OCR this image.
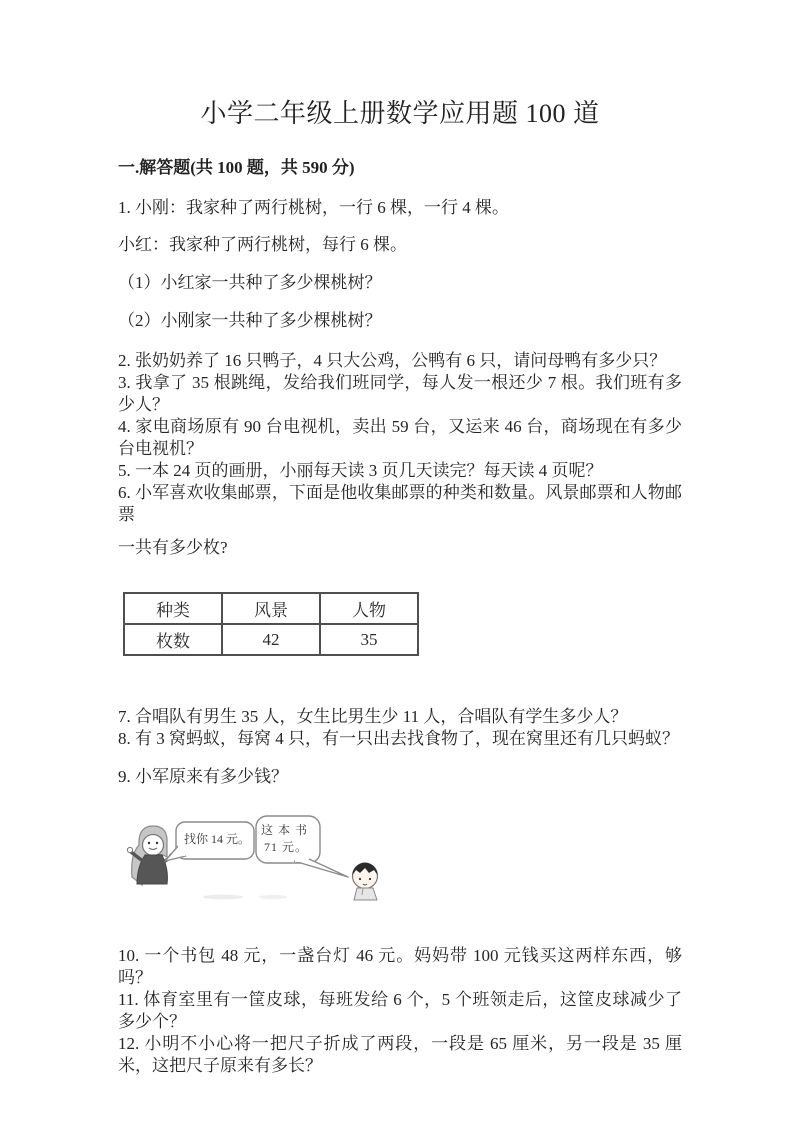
小学二年级上册数学应用题 100 道

一.解答题(共 100 题，共 590 分)

1. 小刚：我家种了两行桃树，一行 6 棵，一行 4 棵。

小红：我家种了两行桃树，每行 6 棵。

（1）小红家一共种了多少棵桃树？

（2）小刚家一共种了多少棵桃树？

2. 张奶奶养了 16 只鸭子，4 只大公鸡，公鸭有 6 只，请问母鸭有多少只？

3. 我拿了 35 根跳绳，发给我们班同学，每人发一根还少 7 根。我们班有多少人？

4. 家电商场原有 90 台电视机，卖出 59 台，又运来 46 台，商场现在有多少台电视机？

5. 一本 24 页的画册，小丽每天读 3 页几天读完？每天读 4 页呢？

6. 小军喜欢收集邮票，下面是他收集邮票的种类和数量。风景邮票和人物邮票

一共有多少枚?

种类	风景	人物
枚数	42	35

7. 合唱队有男生 35 人，女生比男生少 11 人，合唱队有学生多少人？

8. 有 3 窝蚂蚁，每窝 4 只，有一只出去找食物了，现在窝里还有几只蚂蚁？

9. 小军原来有多少钱？

找你 14 元。
这本书
71 元。

10. 一个书包 48 元，一盏台灯 46 元。妈妈带 100 元钱买这两样东西，够吗？

11. 体育室里有一筐皮球，每班发给 6 个，5 个班领走后，这筐皮球减少了多少个？

12. 小明不小心将一把尺子折成了两段，一段是 65 厘米，另一段是 35 厘米，这把尺子原来有多长？
